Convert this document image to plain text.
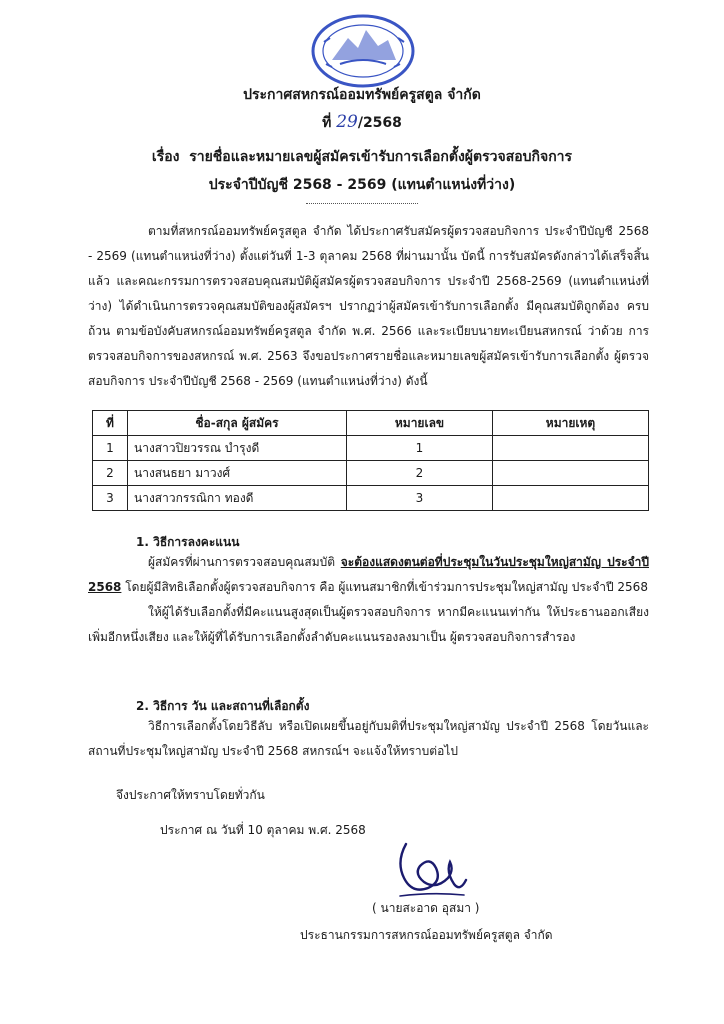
ประกาศสหกรณ์ออมทรัพย์ครูสตูล จำกัด
ที่ 29/2568
เรื่อง รายชื่อและหมายเลขผู้สมัครเข้ารับการเลือกตั้งผู้ตรวจสอบกิจการ
ประจำปีบัญชี 2568 - 2569 (แทนตำแหน่งที่ว่าง)

ตามที่สหกรณ์ออมทรัพย์ครูสตูล จำกัด ได้ประกาศรับสมัครผู้ตรวจสอบกิจการ ประจำปีบัญชี 2568 - 2569 (แทนตำแหน่งที่ว่าง) ตั้งแต่วันที่ 1-3 ตุลาคม 2568 ที่ผ่านมานั้น บัดนี้ การรับสมัครดังกล่าวได้เสร็จสิ้นแล้ว และคณะกรรมการตรวจสอบคุณสมบัติผู้สมัครผู้ตรวจสอบกิจการ ประจำปี 2568-2569 (แทนตำแหน่งที่ว่าง) ได้ดำเนินการตรวจคุณสมบัติของผู้สมัครฯ ปรากฏว่าผู้สมัครเข้ารับการเลือกตั้ง มีคุณสมบัติถูกต้อง ครบถ้วน ตามข้อบังคับสหกรณ์ออมทรัพย์ครูสตูล จำกัด พ.ศ. 2566 และระเบียบนายทะเบียนสหกรณ์ ว่าด้วย การตรวจสอบกิจการของสหกรณ์ พ.ศ. 2563 จึงขอประกาศรายชื่อและหมายเลขผู้สมัครเข้ารับการเลือกตั้ง ผู้ตรวจสอบกิจการ ประจำปีบัญชี 2568 - 2569 (แทนตำแหน่งที่ว่าง) ดังนี้

ที่	ชื่อ-สกุล ผู้สมัคร	หมายเลข	หมายเหตุ
1	นางสาวปิยวรรณ บำรุงดี	1	
2	นางสนธยา มาวงศ์	2	
3	นางสาวกรรณิกา ทองดี	3	
1. วิธีการลงคะแนน

ผู้สมัครที่ผ่านการตรวจสอบคุณสมบัติ จะต้องแสดงตนต่อที่ประชุมในวันประชุมใหญ่สามัญ ประจำปี 2568 โดยผู้มีสิทธิเลือกตั้งผู้ตรวจสอบกิจการ คือ ผู้แทนสมาชิกที่เข้าร่วมการประชุมใหญ่สามัญ ประจำปี 2568

ให้ผู้ได้รับเลือกตั้งที่มีคะแนนสูงสุดเป็นผู้ตรวจสอบกิจการ หากมีคะแนนเท่ากัน ให้ประธานออกเสียงเพิ่มอีกหนึ่งเสียง และให้ผู้ที่ได้รับการเลือกตั้งลำดับคะแนนรองลงมาเป็น ผู้ตรวจสอบกิจการสำรอง

2. วิธีการ วัน และสถานที่เลือกตั้ง

วิธีการเลือกตั้งโดยวิธีลับ หรือเปิดเผยขึ้นอยู่กับมติที่ประชุมใหญ่สามัญ ประจำปี 2568 โดยวันและสถานที่ประชุมใหญ่สามัญ ประจำปี 2568 สหกรณ์ฯ จะแจ้งให้ทราบต่อไป

จึงประกาศให้ทราบโดยทั่วกัน
ประกาศ ณ วันที่ 10 ตุลาคม พ.ศ. 2568
( นายสะอาด อุสมา )
ประธานกรรมการสหกรณ์ออมทรัพย์ครูสตูล จำกัด
